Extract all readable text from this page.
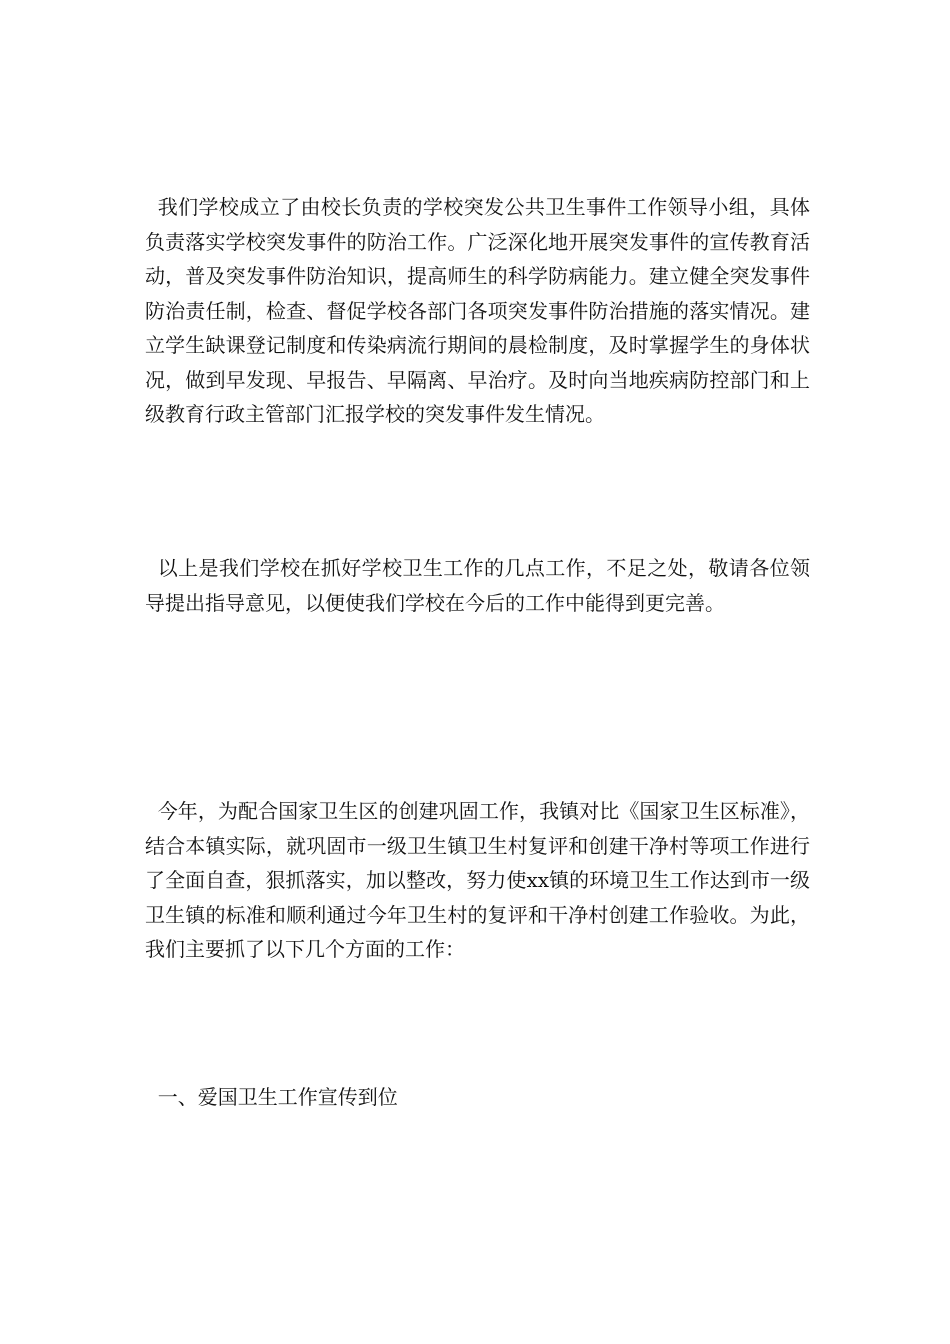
我们学校成立了由校长负责的学校突发公共卫生事件工作领导小组，具体负责落实学校突发事件的防治工作。广泛深化地开展突发事件的宣传教育活动，普及突发事件防治知识，提高师生的科学防病能力。建立健全突发事件防治责任制，检查、督促学校各部门各项突发事件防治措施的落实情况。建立学生缺课登记制度和传染病流行期间的晨检制度，及时掌握学生的身体状况，做到早发现、早报告、早隔离、早治疗。及时向当地疾病防控部门和上级教育行政主管部门汇报学校的突发事件发生情况。

以上是我们学校在抓好学校卫生工作的几点工作，不足之处，敬请各位领导提出指导意见，以便使我们学校在今后的工作中能得到更完善。

今年，为配合国家卫生区的创建巩固工作，我镇对比《国家卫生区标准》，结合本镇实际，就巩固市一级卫生镇卫生村复评和创建干净村等项工作进行了全面自查，狠抓落实，加以整改，努力使xx镇的环境卫生工作达到市一级卫生镇的标准和顺利通过今年卫生村的复评和干净村创建工作验收。为此，我们主要抓了以下几个方面的工作：

一、爱国卫生工作宣传到位
